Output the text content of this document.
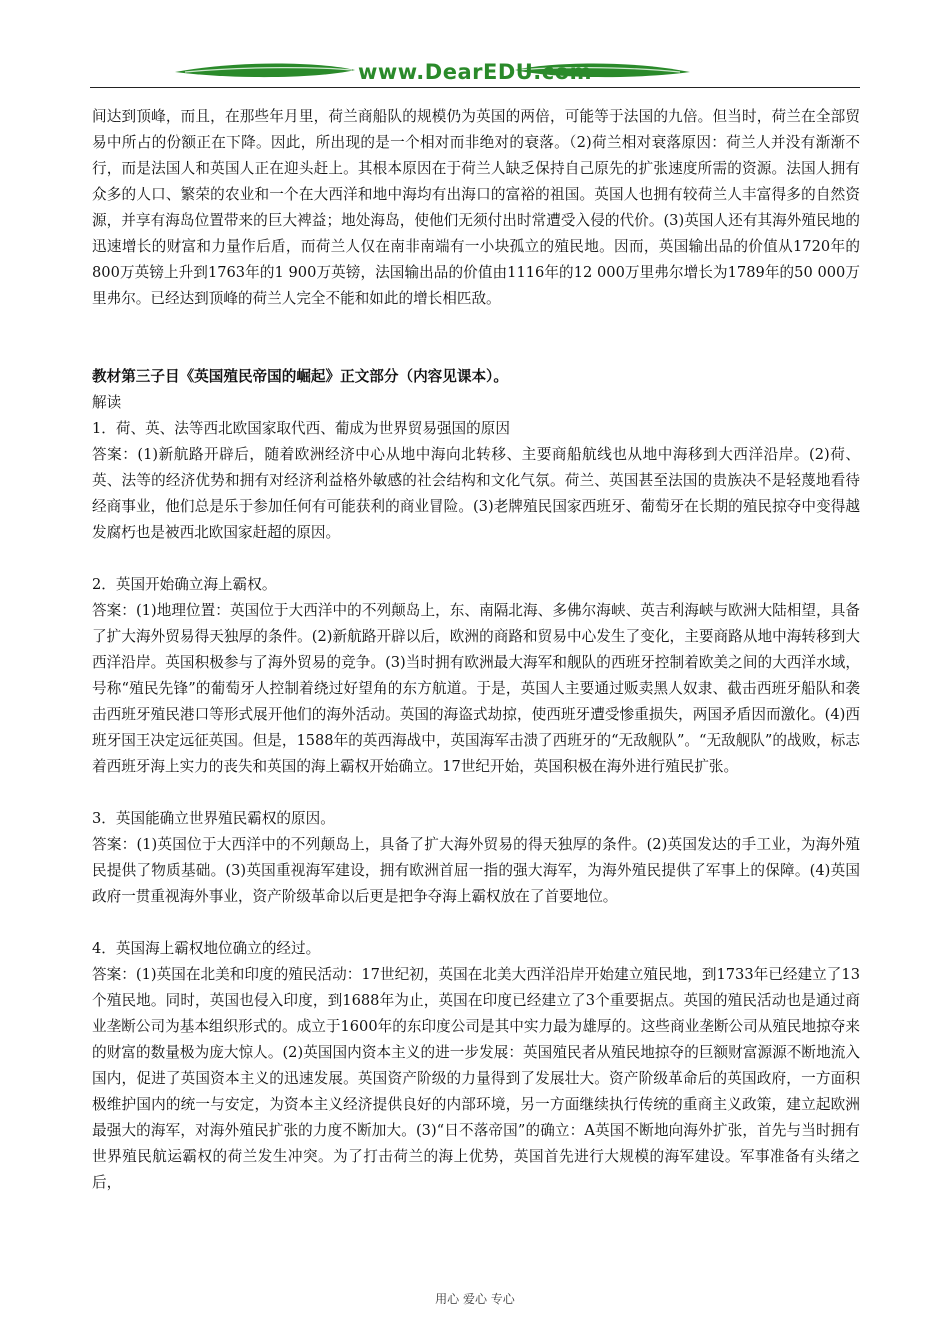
www.DearEDU.com

间达到顶峰，而且，在那些年月里，荷兰商船队的规模仍为英国的两倍，可能等于法国的九倍。但当时，荷兰在全部贸易中所占的份额正在下降。因此，所出现的是一个相对而非绝对的衰落。（2)荷兰相对衰落原因：荷兰人并没有渐渐不行，而是法国人和英国人正在迎头赶上。其根本原因在于荷兰人缺乏保持自己原先的扩张速度所需的资源。法国人拥有众多的人口、繁荣的农业和一个在大西洋和地中海均有出海口的富裕的祖国。英国人也拥有较荷兰人丰富得多的自然资源，并享有海岛位置带来的巨大裨益；地处海岛，使他们无须付出时常遭受入侵的代价。(3)英国人还有其海外殖民地的迅速增长的财富和力量作后盾，而荷兰人仅在南非南端有一小块孤立的殖民地。因而，英国输出品的价值从1720年的800万英镑上升到1763年的1 900万英镑，法国输出品的价值由1116年的12 000万里弗尔增长为1789年的50 000万里弗尔。已经达到顶峰的荷兰人完全不能和如此的增长相匹敌。

教材第三子目《英国殖民帝国的崛起》正文部分（内容见课本）。

解读

1．荷、英、法等西北欧国家取代西、葡成为世界贸易强国的原因

答案：(1)新航路开辟后，随着欧洲经济中心从地中海向北转移、主要商船航线也从地中海移到大西洋沿岸。(2)荷、英、法等的经济优势和拥有对经济利益格外敏感的社会结构和文化气氛。荷兰、英国甚至法国的贵族决不是轻蔑地看待经商事业，他们总是乐于参加任何有可能获利的商业冒险。(3)老牌殖民国家西班牙、葡萄牙在长期的殖民掠夺中变得越发腐朽也是被西北欧国家赶超的原因。

2．英国开始确立海上霸权。

答案：(1)地理位置：英国位于大西洋中的不列颠岛上，东、南隔北海、多佛尔海峡、英吉利海峡与欧洲大陆相望，具备了扩大海外贸易得天独厚的条件。(2)新航路开辟以后，欧洲的商路和贸易中心发生了变化，主要商路从地中海转移到大西洋沿岸。英国积极参与了海外贸易的竞争。(3)当时拥有欧洲最大海军和舰队的西班牙控制着欧美之间的大西洋水域，号称“殖民先锋”的葡萄牙人控制着绕过好望角的东方航道。于是，英国人主要通过贩卖黑人奴隶、截击西班牙船队和袭击西班牙殖民港口等形式展开他们的海外活动。英国的海盗式劫掠，使西班牙遭受惨重损失，两国矛盾因而激化。(4)西班牙国王决定远征英国。但是，1588年的英西海战中，英国海军击溃了西班牙的“无敌舰队”。“无敌舰队”的战败，标志着西班牙海上实力的丧失和英国的海上霸权开始确立。17世纪开始，英国积极在海外进行殖民扩张。

3．英国能确立世界殖民霸权的原因。

答案：(1)英国位于大西洋中的不列颠岛上，具备了扩大海外贸易的得天独厚的条件。(2)英国发达的手工业，为海外殖民提供了物质基础。(3)英国重视海军建设，拥有欧洲首屈一指的强大海军，为海外殖民提供了军事上的保障。(4)英国政府一贯重视海外事业，资产阶级革命以后更是把争夺海上霸权放在了首要地位。

4．英国海上霸权地位确立的经过。

答案：(1)英国在北美和印度的殖民活动：17世纪初，英国在北美大西洋沿岸开始建立殖民地，到1733年已经建立了13个殖民地。同时，英国也侵入印度，到1688年为止，英国在印度已经建立了3个重要据点。英国的殖民活动也是通过商业垄断公司为基本组织形式的。成立于1600年的东印度公司是其中实力最为雄厚的。这些商业垄断公司从殖民地掠夺来的财富的数量极为庞大惊人。(2)英国国内资本主义的进一步发展：英国殖民者从殖民地掠夺的巨额财富源源不断地流入国内，促进了英国资本主义的迅速发展。英国资产阶级的力量得到了发展壮大。资产阶级革命后的英国政府，一方面积极维护国内的统一与安定，为资本主义经济提供良好的内部环境，另一方面继续执行传统的重商主义政策，建立起欧洲最强大的海军，对海外殖民扩张的力度不断加大。(3)“日不落帝国”的确立：A英国不断地向海外扩张，首先与当时拥有世界殖民航运霸权的荷兰发生冲突。为了打击荷兰的海上优势，英国首先进行大规模的海军建设。军事准备有头绪之后，

用心 爱心 专心
